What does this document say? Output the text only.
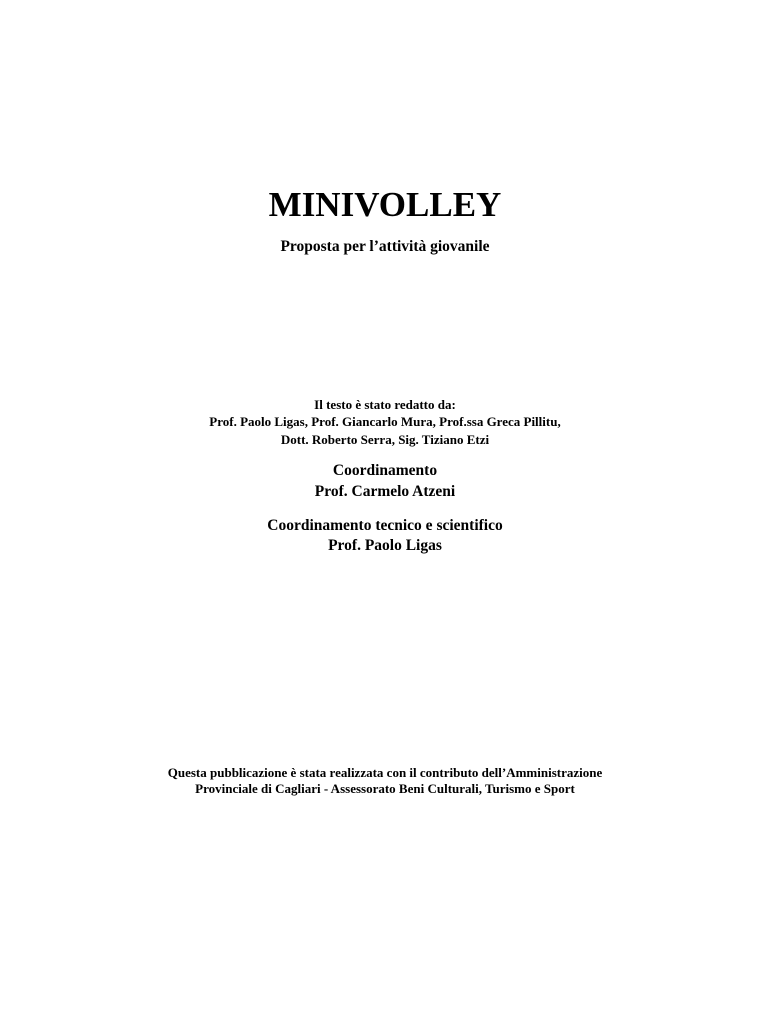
MINIVOLLEY
Proposta per l’attività giovanile
Il testo è stato redatto da:
Prof. Paolo Ligas, Prof. Giancarlo Mura, Prof.ssa Greca Pillitu,
Dott. Roberto Serra, Sig. Tiziano Etzi
Coordinamento
Prof. Carmelo Atzeni
Coordinamento tecnico e scientifico
Prof. Paolo Ligas
Questa pubblicazione è stata realizzata con il contributo dell’Amministrazione
Provinciale di Cagliari - Assessorato Beni Culturali, Turismo e Sport
